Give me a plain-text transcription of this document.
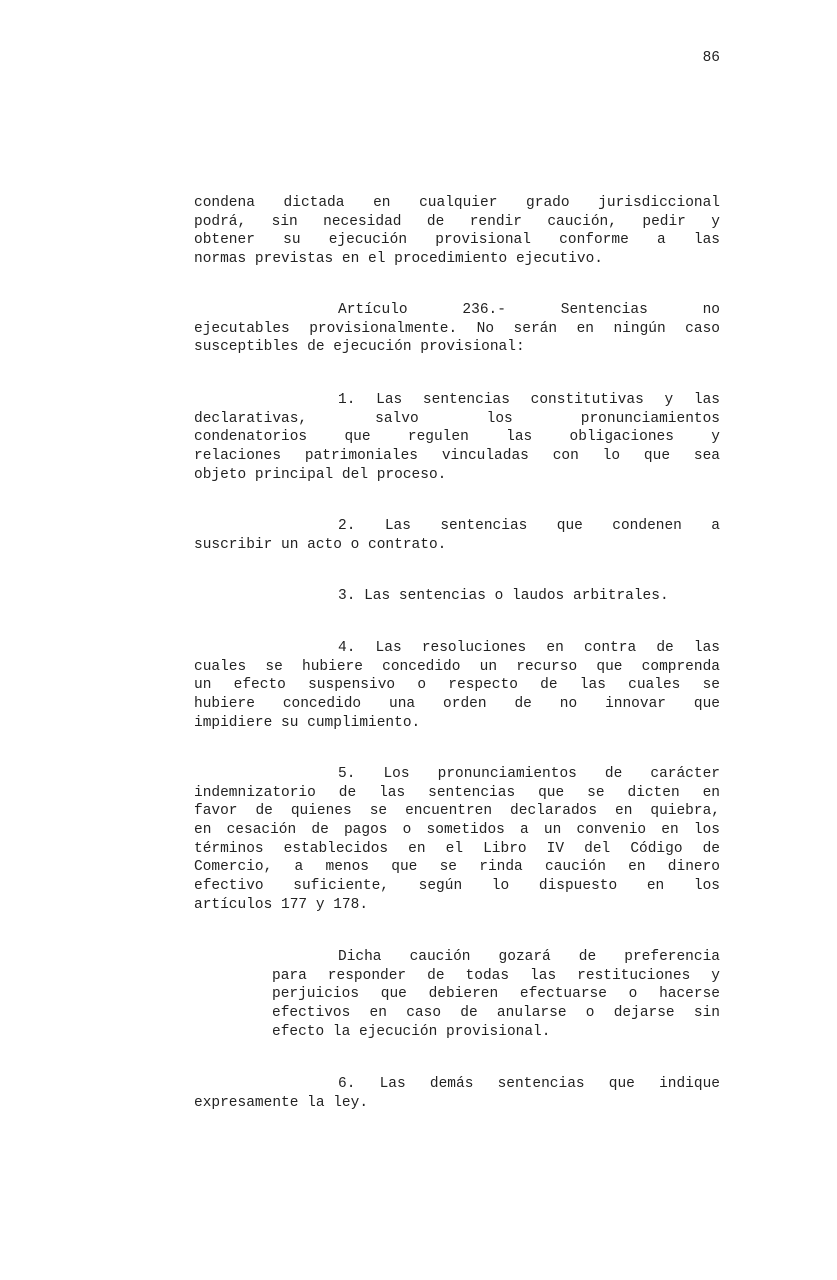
86
condena dictada en cualquier grado jurisdiccional
podrá, sin necesidad de rendir caución, pedir y
obtener su ejecución provisional conforme a las
normas previstas en el procedimiento ejecutivo.
Artículo 236.- Sentencias no
ejecutables provisionalmente. No serán en ningún caso
susceptibles de ejecución provisional:
1. Las sentencias constitutivas y las
declarativas, salvo los pronunciamientos
condenatorios que regulen las obligaciones y
relaciones patrimoniales vinculadas con lo que sea
objeto principal del proceso.
2. Las sentencias que condenen a
suscribir un acto o contrato.
3. Las sentencias o laudos arbitrales.
4. Las resoluciones en contra de las
cuales se hubiere concedido un recurso que comprenda
un efecto suspensivo o respecto de las cuales se
hubiere concedido una orden de no innovar que
impidiere su cumplimiento.
5. Los pronunciamientos de carácter
indemnizatorio de las sentencias que se dicten en
favor de quienes se encuentren declarados en quiebra,
en cesación de pagos o sometidos a un convenio en los
términos establecidos en el Libro IV del Código de
Comercio, a menos que se rinda caución en dinero
efectivo suficiente, según lo dispuesto en los
artículos 177 y 178.
Dicha caución gozará de preferencia
para responder de todas las restituciones y
perjuicios que debieren efectuarse o hacerse
efectivos en caso de anularse o dejarse sin
efecto la ejecución provisional.
6. Las demás sentencias que indique
expresamente la ley.
